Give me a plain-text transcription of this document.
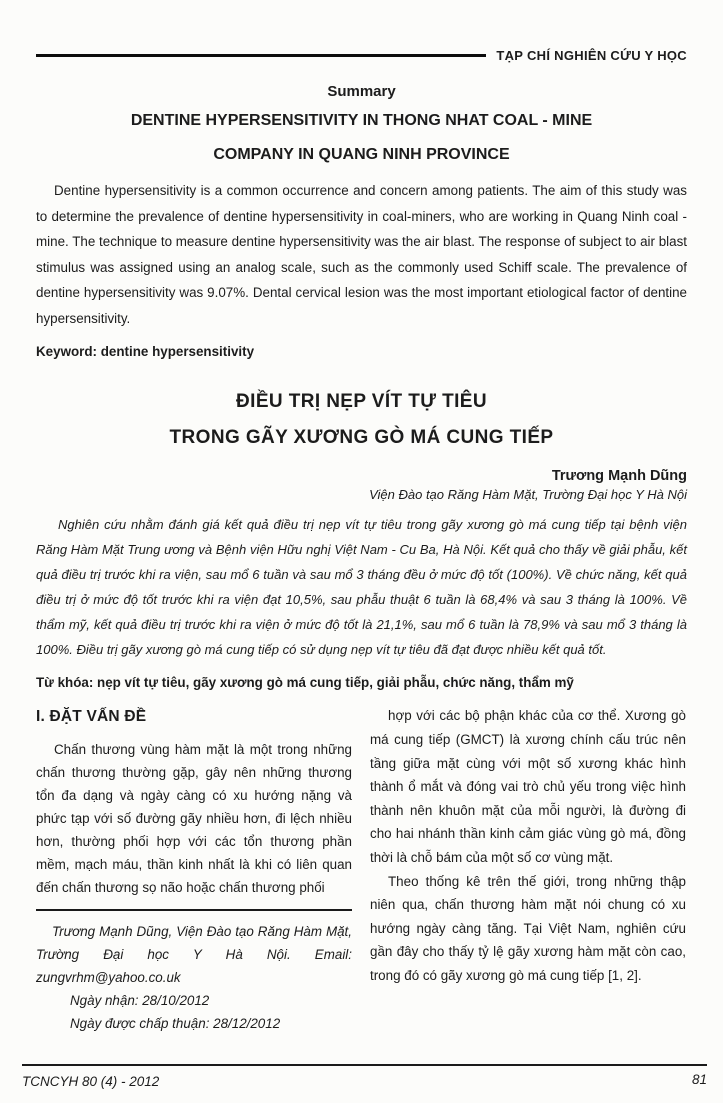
TẠP CHÍ NGHIÊN CỨU Y HỌC
Summary
DENTINE HYPERSENSITIVITY IN THONG NHAT COAL - MINE
COMPANY IN QUANG NINH PROVINCE

Dentine hypersensitivity is a common occurrence and concern among patients. The aim of this study was to determine the prevalence of dentine hypersensitivity in coal-miners, who are working in Quang Ninh coal - mine. The technique to measure dentine hypersensitivity was the air blast. The response of subject to air blast stimulus was assigned using an analog scale, such as the commonly used Schiff scale. The prevalence of dentine hypersensitivity was 9.07%. Dental cervical lesion was the most important etiological factor of dentine hypersensitivity.

Keyword: dentine hypersensitivity
ĐIỀU TRỊ NẸP VÍT TỰ TIÊU
TRONG GÃY XƯƠNG GÒ MÁ CUNG TIẾP
Trương Mạnh Dũng
Viện Đào tạo Răng Hàm Mặt, Trường Đại học Y Hà Nội

Nghiên cứu nhằm đánh giá kết quả điều trị nẹp vít tự tiêu trong gãy xương gò má cung tiếp tại bệnh viện Răng Hàm Mặt Trung ương và Bệnh viện Hữu nghị Việt Nam - Cu Ba, Hà Nội. Kết quả cho thấy về giải phẫu, kết quả điều trị trước khi ra viện, sau mổ 6 tuần và sau mổ 3 tháng đều ở mức độ tốt (100%). Về chức năng, kết quả điều trị ở mức độ tốt trước khi ra viện đạt 10,5%, sau phẫu thuật 6 tuần là 68,4% và sau 3 tháng là 100%. Về thẩm mỹ, kết quả điều trị trước khi ra viện ở mức độ tốt là 21,1%, sau mổ 6 tuần là 78,9% và sau mổ 3 tháng là 100%. Điều trị gãy xương gò má cung tiếp có sử dụng nẹp vít tự tiêu đã đạt được nhiều kết quả tốt.

Từ khóa: nẹp vít tự tiêu, gãy xương gò má cung tiếp, giải phẫu, chức năng, thẩm mỹ
I. ĐẶT VẤN ĐỀ

Chấn thương vùng hàm mặt là một trong những chấn thương thường gặp, gây nên những thương tổn đa dạng và ngày càng có xu hướng nặng và phức tạp với số đường gãy nhiều hơn, đi lệch nhiều hơn, thường phối hợp với các tổn thương phần mềm, mạch máu, thần kinh nhất là khi có liên quan đến chấn thương sọ não hoặc chấn thương phối

Trương Mạnh Dũng, Viện Đào tạo Răng Hàm Mặt, Trường Đại học Y Hà Nội. Email: zungvrhm@yahoo.co.uk

Ngày nhận: 28/10/2012

Ngày được chấp thuận: 28/12/2012

hợp với các bộ phận khác của cơ thể. Xương gò má cung tiếp (GMCT) là xương chính cấu trúc nên tầng giữa mặt cùng với một số xương khác hình thành ổ mắt và đóng vai trò chủ yếu trong việc hình thành nên khuôn mặt của mỗi người, là đường đi cho hai nhánh thần kinh cảm giác vùng gò má, đồng thời là chỗ bám của một số cơ vùng mặt.

Theo thống kê trên thế giới, trong những thập niên qua, chấn thương hàm mặt nói chung có xu hướng ngày càng tăng. Tại Việt Nam, nghiên cứu gần đây cho thấy tỷ lệ gãy xương hàm mặt còn cao, trong đó có gãy xương gò má cung tiếp [1, 2].

TCNCYH 80 (4) - 2012	81
